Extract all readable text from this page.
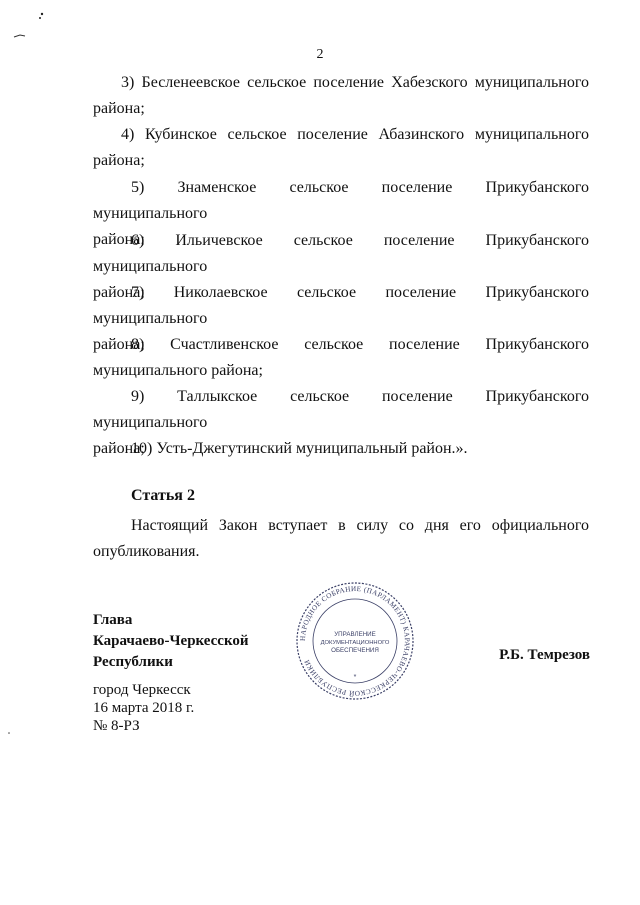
2
3) Бесленеевское сельское поселение Хабезского муниципального
района;
4) Кубинское сельское поселение Абазинского муниципального
района;
5) Знаменское сельское поселение Прикубанского муниципального
района;
6) Ильичевское сельское поселение Прикубанского муниципального
района;
7) Николаевское сельское поселение Прикубанского муниципального
района;
8) Счастливенское сельское поселение Прикубанского
муниципального района;
9) Таллыкское сельское поселение Прикубанского муниципального
района;
10) Усть-Джегутинский муниципальный район.».
Статья 2
Настоящий Закон вступает в силу со дня его официального
опубликования.
Глава
Карачаево-Черкесской
Республики	Р.Б. Темрезов
город Черкесск
16 марта 2018 г.
№ 8-РЗ
НАРОДНОЕ СОБРАНИЕ (ПАРЛАМЕНТ) КАРАЧАЕВО-ЧЕРКЕССКОЙ РЕСПУБЛИКИ
УПРАВЛЕНИЕ
ДОКУМЕНТАЦИОННОГО
ОБЕСПЕЧЕНИЯ
*
